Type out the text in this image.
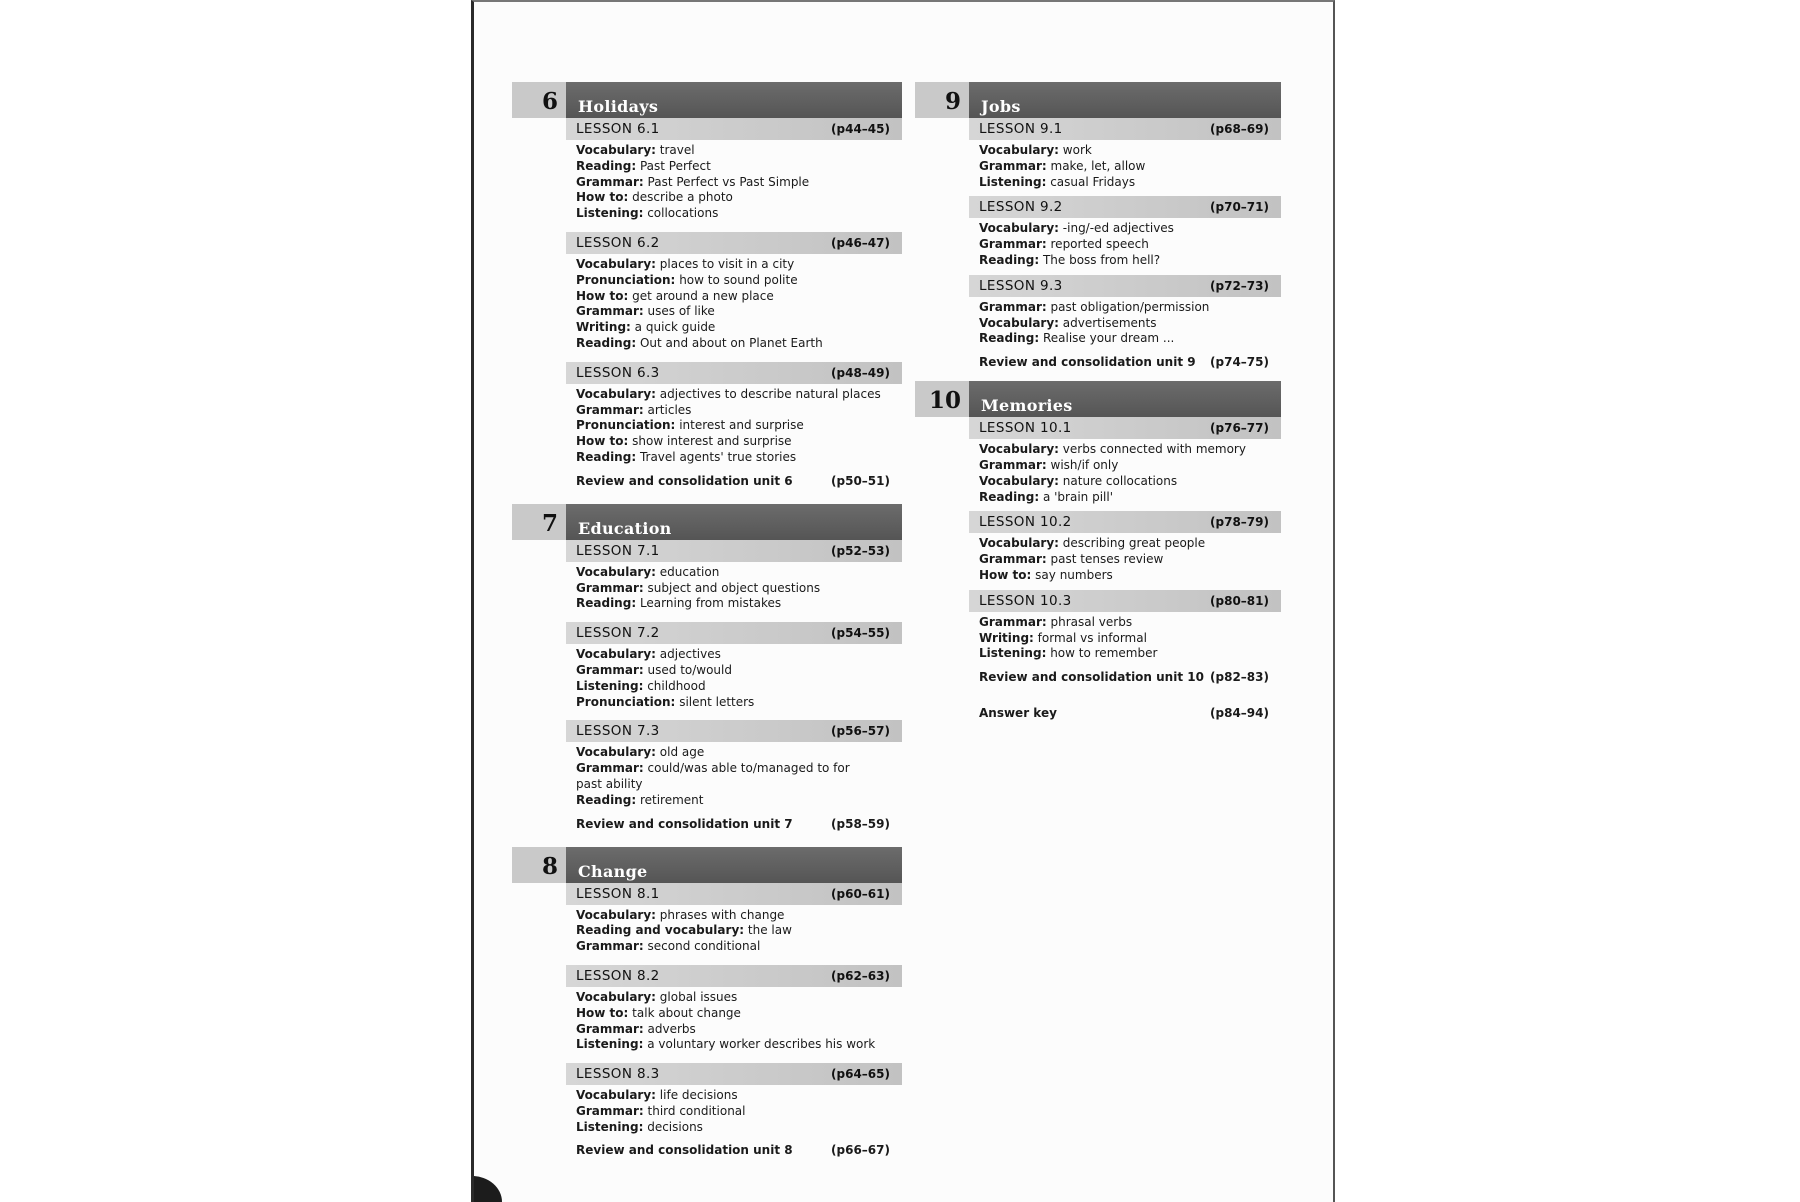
6	Holidays
LESSON 6.1	(p44–45)
Vocabulary: travel
Reading: Past Perfect
Grammar: Past Perfect vs Past Simple
How to: describe a photo
Listening: collocations
LESSON 6.2	(p46–47)
Vocabulary: places to visit in a city
Pronunciation: how to sound polite
How to: get around a new place
Grammar: uses of like
Writing: a quick guide
Reading: Out and about on Planet Earth
LESSON 6.3	(p48–49)
Vocabulary: adjectives to describe natural places
Grammar: articles
Pronunciation: interest and surprise
How to: show interest and surprise
Reading: Travel agents' true stories
Review and consolidation unit 6	(p50–51)
7	Education
LESSON 7.1	(p52–53)
Vocabulary: education
Grammar: subject and object questions
Reading: Learning from mistakes
LESSON 7.2	(p54–55)
Vocabulary: adjectives
Grammar: used to/would
Listening: childhood
Pronunciation: silent letters
LESSON 7.3	(p56–57)
Vocabulary: old age
Grammar: could/was able to/managed to for
past ability
Reading: retirement
Review and consolidation unit 7	(p58–59)
8	Change
LESSON 8.1	(p60–61)
Vocabulary: phrases with change
Reading and vocabulary: the law
Grammar: second conditional
LESSON 8.2	(p62–63)
Vocabulary: global issues
How to: talk about change
Grammar: adverbs
Listening: a voluntary worker describes his work
LESSON 8.3	(p64–65)
Vocabulary: life decisions
Grammar: third conditional
Listening: decisions
Review and consolidation unit 8	(p66–67)
9	Jobs
LESSON 9.1	(p68–69)
Vocabulary: work
Grammar: make, let, allow
Listening: casual Fridays
LESSON 9.2	(p70–71)
Vocabulary: -ing/-ed adjectives
Grammar: reported speech
Reading: The boss from hell?
LESSON 9.3	(p72–73)
Grammar: past obligation/permission
Vocabulary: advertisements
Reading: Realise your dream ...
Review and consolidation unit 9 (p74–75)
10	Memories
LESSON 10.1	(p76–77)
Vocabulary: verbs connected with memory
Grammar: wish/if only
Vocabulary: nature collocations
Reading: a 'brain pill'
LESSON 10.2	(p78–79)
Vocabulary: describing great people
Grammar: past tenses review
How to: say numbers
LESSON 10.3	(p80–81)
Grammar: phrasal verbs
Writing: formal vs informal
Listening: how to remember
Review and consolidation unit 10 (p82–83)
Answer key	(p84–94)
